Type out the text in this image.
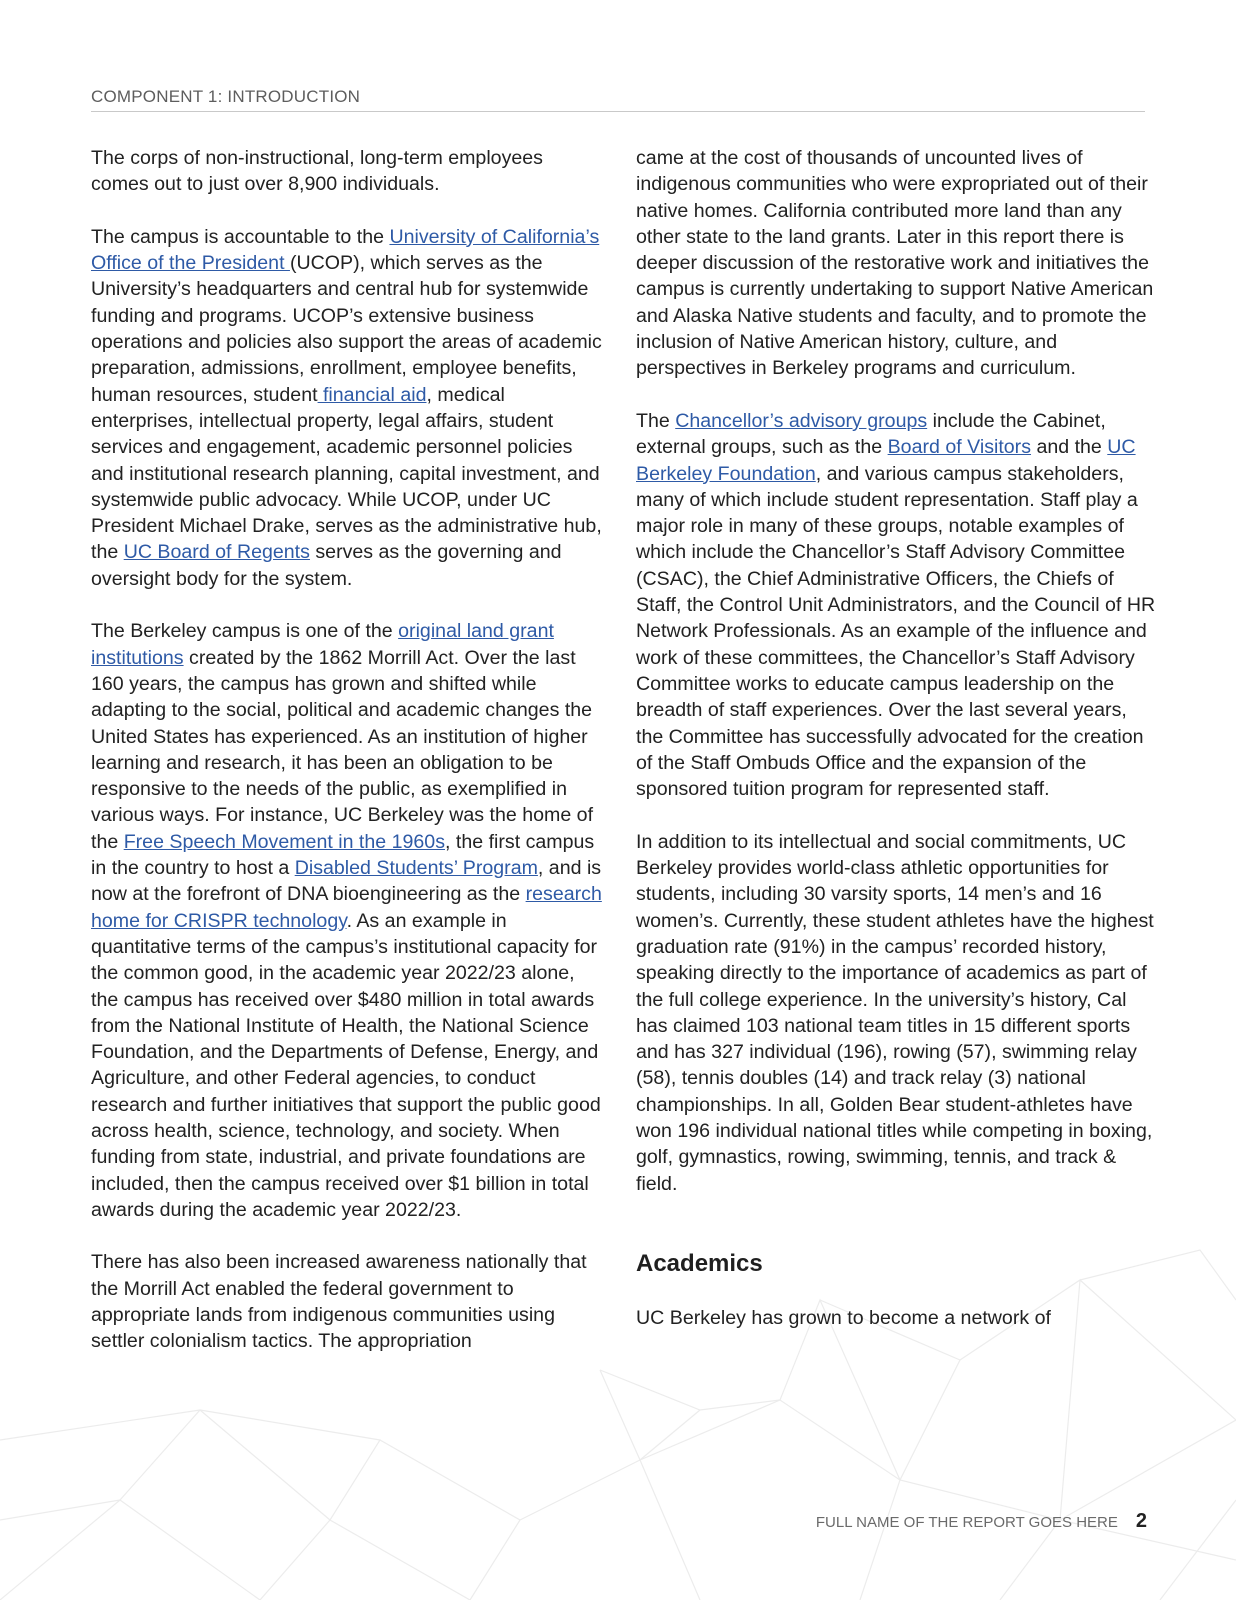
COMPONENT 1: INTRODUCTION

The corps of non-instructional, long-term employees comes out to just over 8,900 individuals.

The campus is accountable to the University of California’s Office of the President (UCOP), which serves as the University’s headquarters and central hub for systemwide funding and programs. UCOP’s extensive business operations and policies also support the areas of academic preparation, admissions, enrollment, employee benefits, human resources, student financial aid, medical enterprises, intellectual property, legal affairs, student services and engagement, academic personnel policies and institutional research planning, capital investment, and systemwide public advocacy. While UCOP, under UC President Michael Drake, serves as the administrative hub, the UC Board of Regents serves as the governing and oversight body for the system.

The Berkeley campus is one of the original land grant institutions created by the 1862 Morrill Act. Over the last 160 years, the campus has grown and shifted while adapting to the social, political and academic changes the United States has experienced. As an institution of higher learning and research, it has been an obligation to be responsive to the needs of the public, as exemplified in various ways. For instance, UC Berkeley was the home of the Free Speech Movement in the 1960s, the first campus in the country to host a Disabled Students’ Program, and is now at the forefront of DNA bioengineering as the research home for CRISPR technology. As an example in quantitative terms of the campus’s institutional capacity for the common good, in the academic year 2022/23 alone, the campus has received over $480 million in total awards from the National Institute of Health, the National Science Foundation, and the Departments of Defense, Energy, and Agriculture, and other Federal agencies, to conduct research and further initiatives that support the public good across health, science, technology, and society. When funding from state, industrial, and private foundations are included, then the campus received over $1 billion in total awards during the academic year 2022/23.

There has also been increased awareness nationally that the Morrill Act enabled the federal government to appropriate lands from indigenous communities using settler colonialism tactics. The appropriation

came at the cost of thousands of uncounted lives of indigenous communities who were expropriated out of their native homes. California contributed more land than any other state to the land grants. Later in this report there is deeper discussion of the restorative work and initiatives the campus is currently undertaking to support Native American and Alaska Native students and faculty, and to promote the inclusion of Native American history, culture, and perspectives in Berkeley programs and curriculum.

The Chancellor’s advisory groups include the Cabinet, external groups, such as the Board of Visitors and the UC Berkeley Foundation, and various campus stakeholders, many of which include student representation. Staff play a major role in many of these groups, notable examples of which include the Chancellor’s Staff Advisory Committee (CSAC), the Chief Administrative Officers, the Chiefs of Staff, the Control Unit Administrators, and the Council of HR Network Professionals. As an example of the influence and work of these committees, the Chancellor’s Staff Advisory Committee works to educate campus leadership on the breadth of staff experiences. Over the last several years, the Committee has successfully advocated for the creation of the Staff Ombuds Office and the expansion of the sponsored tuition program for represented staff.

In addition to its intellectual and social commitments, UC Berkeley provides world-class athletic opportunities for students, including 30 varsity sports, 14 men’s and 16 women’s. Currently, these student athletes have the highest graduation rate (91%) in the campus’ recorded history, speaking directly to the importance of academics as part of the full college experience. In the university’s history, Cal has claimed 103 national team titles in 15 different sports and has 327 individual (196), rowing (57), swimming relay (58), tennis doubles (14) and track relay (3) national championships. In all, Golden Bear student-athletes have won 196 individual national titles while competing in boxing, golf, gymnastics, rowing, swimming, tennis, and track & field.

Academics

UC Berkeley has grown to become a network of

FULL NAME OF THE REPORT GOES HERE 2
